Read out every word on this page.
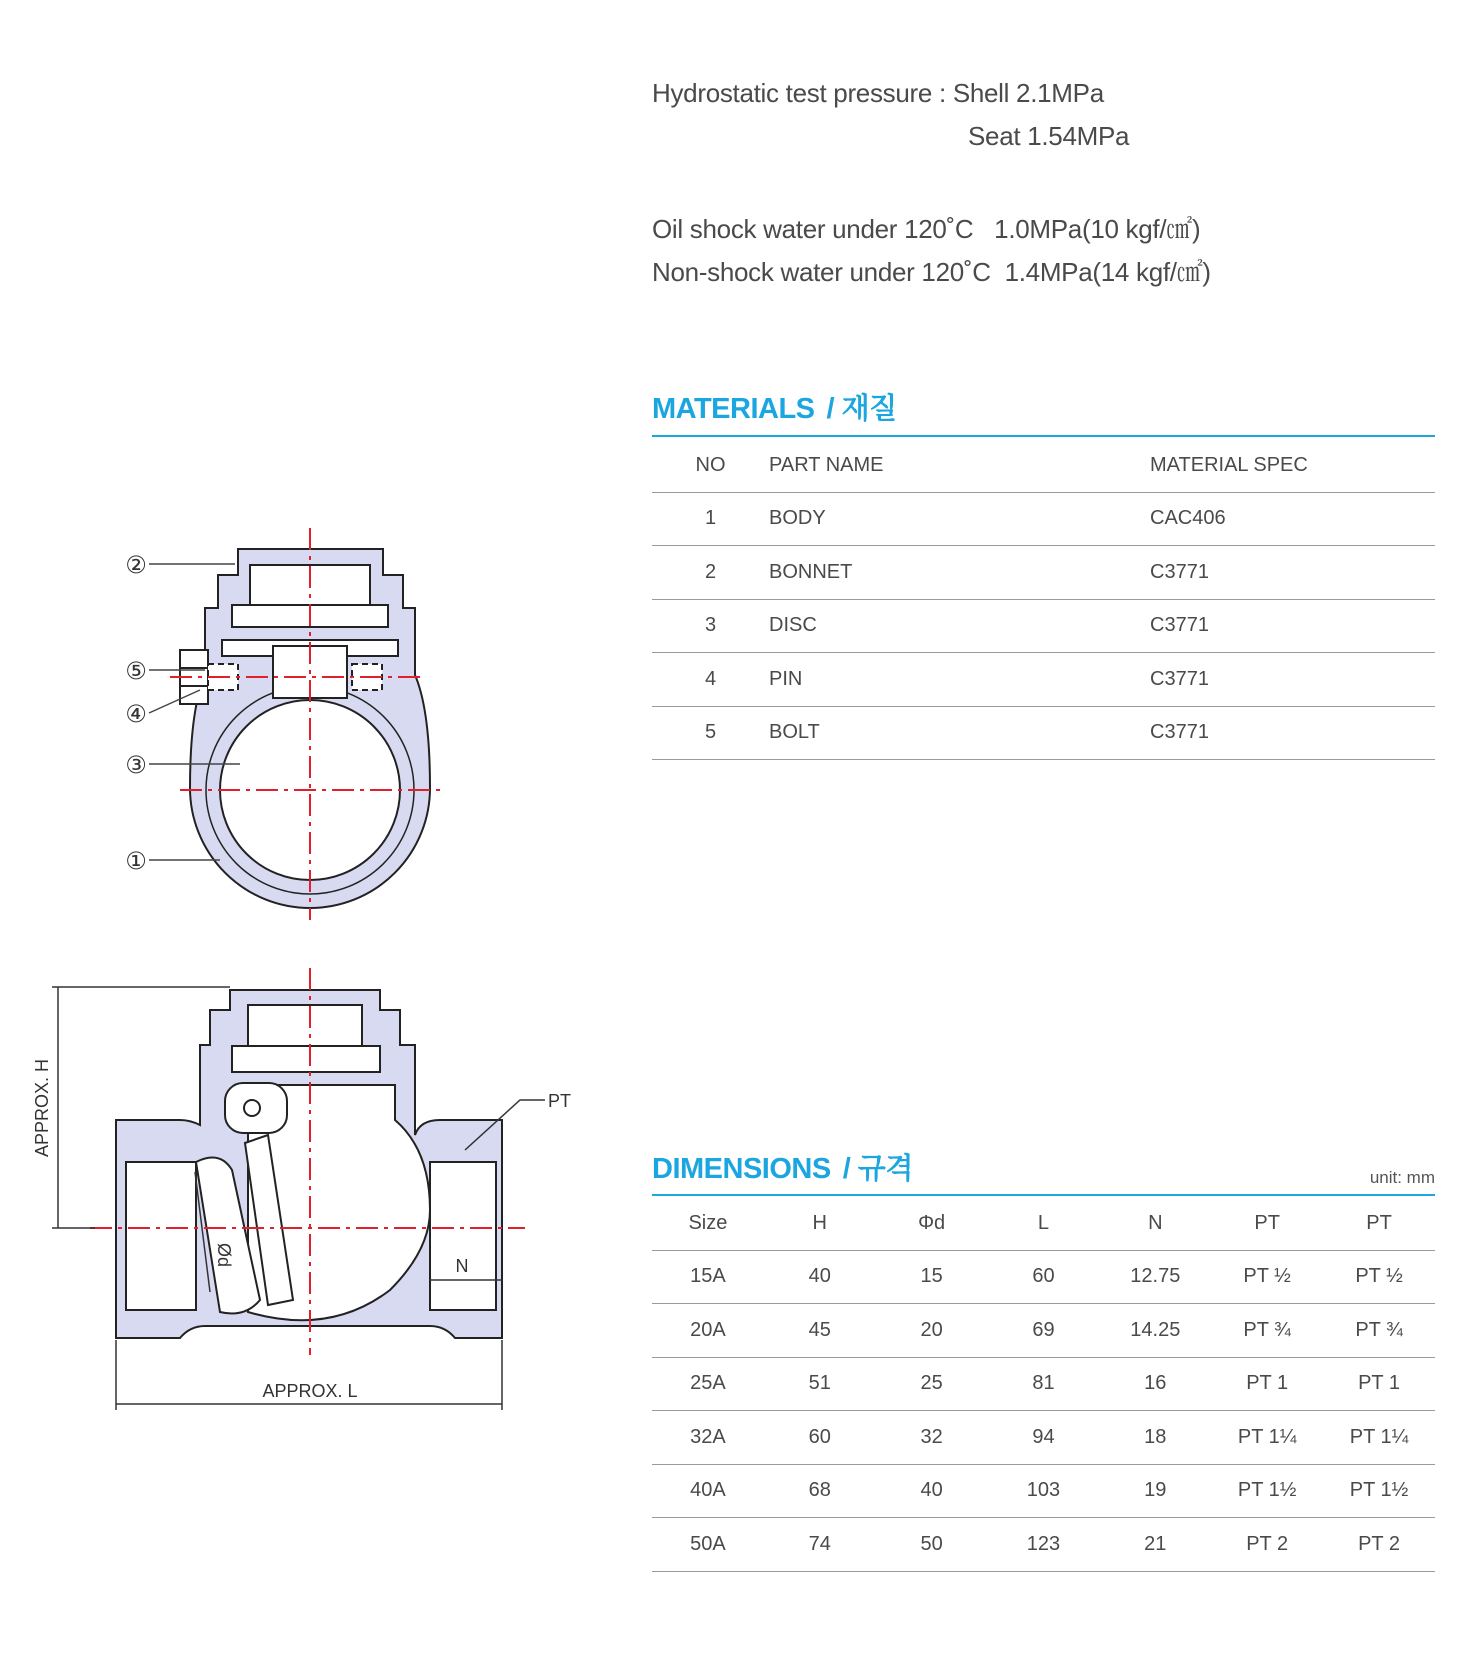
Hydrostatic test pressure : Shell 2.1MPa
Seat 1.54MPa
Oil shock water under 120˚C   1.0MPa(10 kgf/㎠)
Non-shock water under 120˚C  1.4MPa(14 kgf/㎠)
MATERIALS / 재질
NO	PART NAME	MATERIAL SPEC
1	BODY	CAC406
2	BONNET	C3771
3	DISC	C3771
4	PIN	C3771
5	BOLT	C3771
DIMENSIONS / 규격	unit: mm
Size	H	Φd	L	N	PT	PT
15A	40	15	60	12.75	PT ½	PT ½
20A	45	20	69	14.25	PT ¾	PT ¾
25A	51	25	81	16	PT 1	PT 1
32A	60	32	94	18	PT 1¼	PT 1¼
40A	68	40	103	19	PT 1½	PT 1½
50A	74	50	123	21	PT 2	PT 2
②
⑤
④
③
①
APPROX. H
APPROX. L
PT
N
Ød
